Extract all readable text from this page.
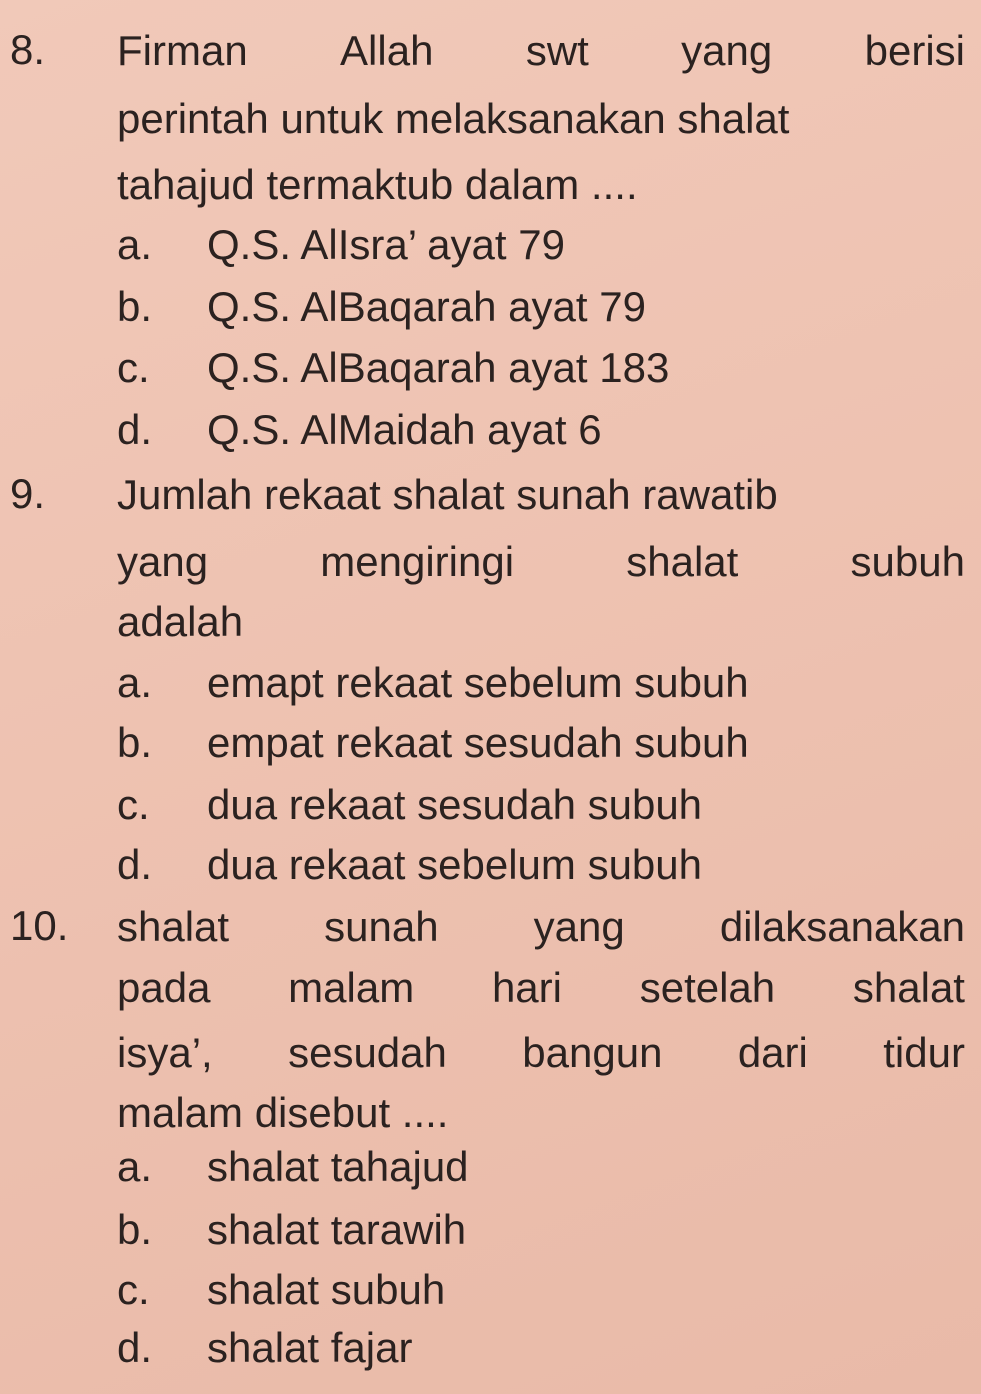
8. Firman Allah swt yang berisi
perintah untuk melaksanakan shalat
tahajud termaktub dalam ....
a. Q.S. AlIsra’ ayat 79
b. Q.S. AlBaqarah ayat 79
c. Q.S. AlBaqarah ayat 183
d. Q.S. AlMaidah ayat 6
9. Jumlah rekaat shalat sunah rawatib
yang	mengiringi	shalat	subuh
adalah
a. emapt rekaat sebelum subuh
b. empat rekaat sesudah subuh
c. dua rekaat sesudah subuh
d. dua rekaat sebelum subuh
10. shalat sunah yang dilaksanakan
pada malam hari setelah shalat
isya’, sesudah bangun dari tidur
malam disebut ....
a. shalat tahajud
b. shalat tarawih
c. shalat subuh
d. shalat fajar
